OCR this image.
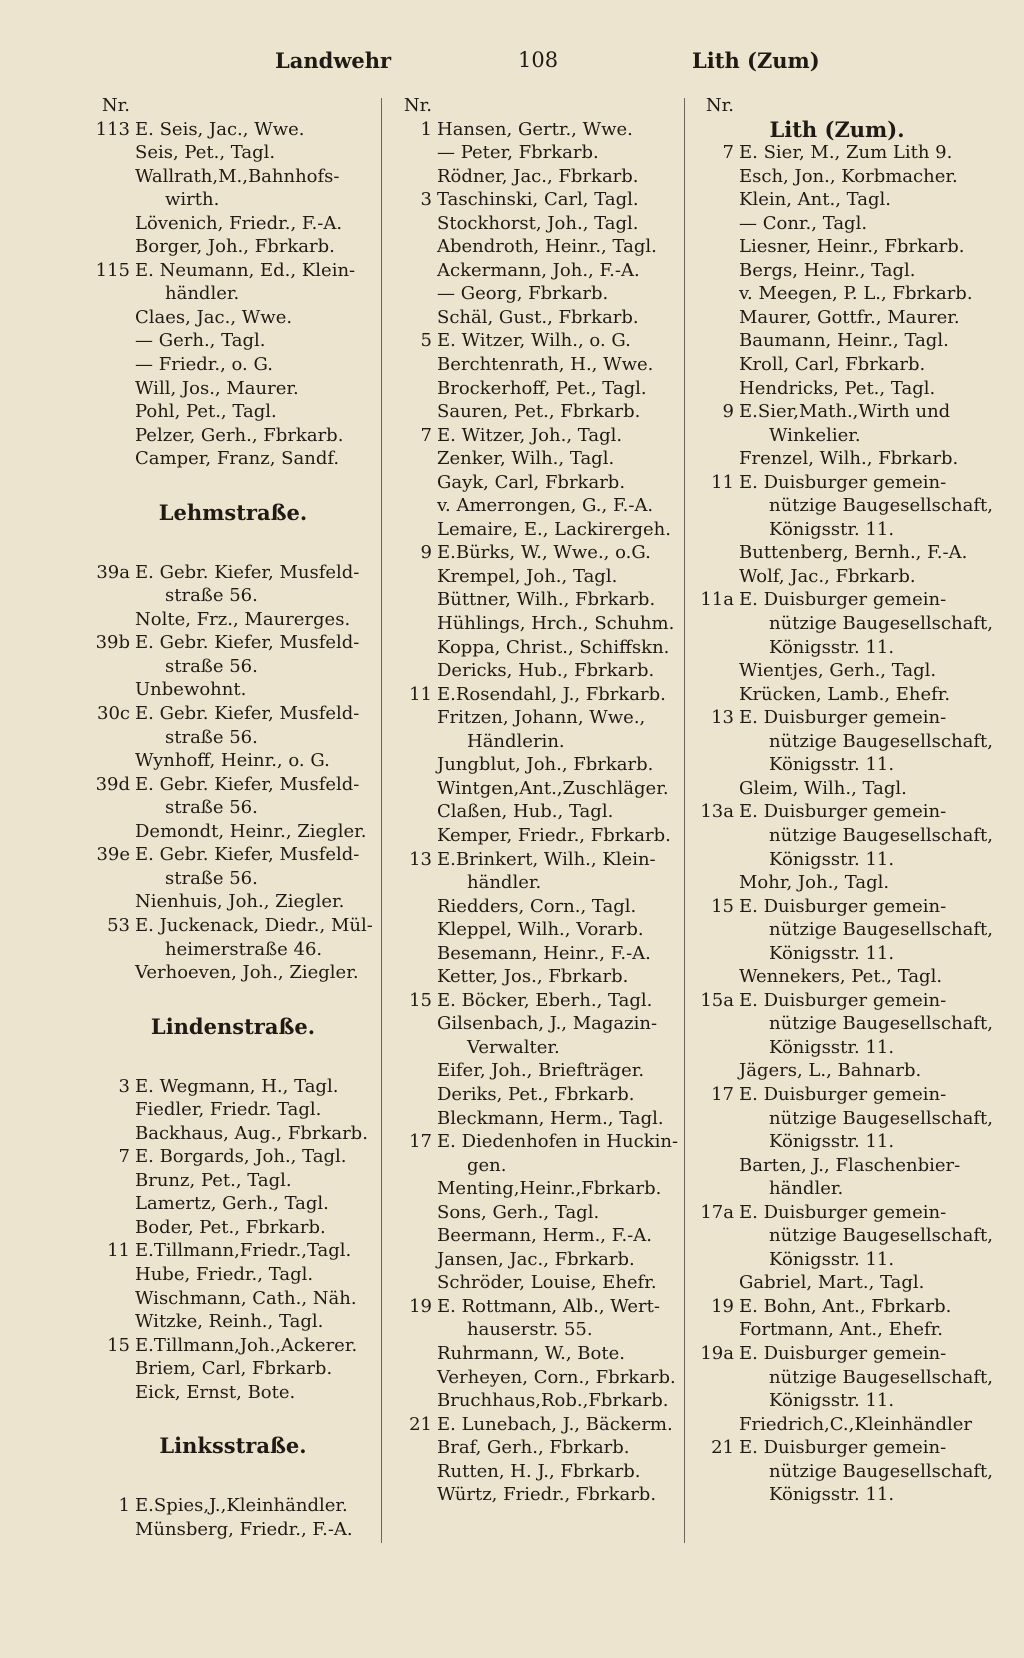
Landwehr	108	Lith (Zum)
Nr.
113 E. Seis, Jac., Wwe.
Seis, Pet., Tagl.
Wallrath,M.,Bahnhofs-
wirth.
Lövenich, Friedr., F.-A.
Borger, Joh., Fbrkarb.
115 E. Neumann, Ed., Klein-
händler.
Claes, Jac., Wwe.
— Gerh., Tagl.
— Friedr., o. G.
Will, Jos., Maurer.
Pohl, Pet., Tagl.
Pelzer, Gerh., Fbrkarb.
Camper, Franz, Sandf.
Lehmstraße.
39a E. Gebr. Kiefer, Musfeld-
straße 56.
Nolte, Frz., Maurerges.
39b E. Gebr. Kiefer, Musfeld-
straße 56.
Unbewohnt.
30c E. Gebr. Kiefer, Musfeld-
straße 56.
Wynhoff, Heinr., o. G.
39d E. Gebr. Kiefer, Musfeld-
straße 56.
Demondt, Heinr., Ziegler.
39e E. Gebr. Kiefer, Musfeld-
straße 56.
Nienhuis, Joh., Ziegler.
53 E. Juckenack, Diedr., Mül-
heimerstraße 46.
Verhoeven, Joh., Ziegler.
Lindenstraße.
3 E. Wegmann, H., Tagl.
Fiedler, Friedr. Tagl.
Backhaus, Aug., Fbrkarb.
7 E. Borgards, Joh., Tagl.
Brunz, Pet., Tagl.
Lamertz, Gerh., Tagl.
Boder, Pet., Fbrkarb.
11 E.Tillmann,Friedr.,Tagl.
Hube, Friedr., Tagl.
Wischmann, Cath., Näh.
Witzke, Reinh., Tagl.
15 E.Tillmann,Joh.,Ackerer.
Briem, Carl, Fbrkarb.
Eick, Ernst, Bote.
Linksstraße.
1 E.Spies,J.,Kleinhändler.
Münsberg, Friedr., F.-A.
Nr.
1 Hansen, Gertr., Wwe.
— Peter, Fbrkarb.
Rödner, Jac., Fbrkarb.
3 Taschinski, Carl, Tagl.
Stockhorst, Joh., Tagl.
Abendroth, Heinr., Tagl.
Ackermann, Joh., F.-A.
— Georg, Fbrkarb.
Schäl, Gust., Fbrkarb.
5 E. Witzer, Wilh., o. G.
Berchtenrath, H., Wwe.
Brockerhoff, Pet., Tagl.
Sauren, Pet., Fbrkarb.
7 E. Witzer, Joh., Tagl.
Zenker, Wilh., Tagl.
Gayk, Carl, Fbrkarb.
v. Amerrongen, G., F.-A.
Lemaire, E., Lackirergeh.
9 E.Bürks, W., Wwe., o.G.
Krempel, Joh., Tagl.
Büttner, Wilh., Fbrkarb.
Hühlings, Hrch., Schuhm.
Koppa, Christ., Schiffskn.
Dericks, Hub., Fbrkarb.
11 E.Rosendahl, J., Fbrkarb.
Fritzen, Johann, Wwe.,
Händlerin.
Jungblut, Joh., Fbrkarb.
Wintgen,Ant.,Zuschläger.
Claßen, Hub., Tagl.
Kemper, Friedr., Fbrkarb.
13 E.Brinkert, Wilh., Klein-
händler.
Riedders, Corn., Tagl.
Kleppel, Wilh., Vorarb.
Besemann, Heinr., F.-A.
Ketter, Jos., Fbrkarb.
15 E. Böcker, Eberh., Tagl.
Gilsenbach, J., Magazin-
Verwalter.
Eifer, Joh., Briefträger.
Deriks, Pet., Fbrkarb.
Bleckmann, Herm., Tagl.
17 E. Diedenhofen in Huckin-
gen.
Menting,Heinr.,Fbrkarb.
Sons, Gerh., Tagl.
Beermann, Herm., F.-A.
Jansen, Jac., Fbrkarb.
Schröder, Louise, Ehefr.
19 E. Rottmann, Alb., Wert-
hauserstr. 55.
Ruhrmann, W., Bote.
Verheyen, Corn., Fbrkarb.
Bruchhaus,Rob.,Fbrkarb.
21 E. Lunebach, J., Bäckerm.
Braf, Gerh., Fbrkarb.
Rutten, H. J., Fbrkarb.
Würtz, Friedr., Fbrkarb.
Nr.
Lith (Zum).
7 E. Sier, M., Zum Lith 9.
Esch, Jon., Korbmacher.
Klein, Ant., Tagl.
— Conr., Tagl.
Liesner, Heinr., Fbrkarb.
Bergs, Heinr., Tagl.
v. Meegen, P. L., Fbrkarb.
Maurer, Gottfr., Maurer.
Baumann, Heinr., Tagl.
Kroll, Carl, Fbrkarb.
Hendricks, Pet., Tagl.
9 E.Sier,Math.,Wirth und
Winkelier.
Frenzel, Wilh., Fbrkarb.
11 E. Duisburger gemein-
nützige Baugesellschaft,
Königsstr. 11.
Buttenberg, Bernh., F.-A.
Wolf, Jac., Fbrkarb.
11a E. Duisburger gemein-
nützige Baugesellschaft,
Königsstr. 11.
Wientjes, Gerh., Tagl.
Krücken, Lamb., Ehefr.
13 E. Duisburger gemein-
nützige Baugesellschaft,
Königsstr. 11.
Gleim, Wilh., Tagl.
13a E. Duisburger gemein-
nützige Baugesellschaft,
Königsstr. 11.
Mohr, Joh., Tagl.
15 E. Duisburger gemein-
nützige Baugesellschaft,
Königsstr. 11.
Wennekers, Pet., Tagl.
15a E. Duisburger gemein-
nützige Baugesellschaft,
Königsstr. 11.
Jägers, L., Bahnarb.
17 E. Duisburger gemein-
nützige Baugesellschaft,
Königsstr. 11.
Barten, J., Flaschenbier-
händler.
17a E. Duisburger gemein-
nützige Baugesellschaft,
Königsstr. 11.
Gabriel, Mart., Tagl.
19 E. Bohn, Ant., Fbrkarb.
Fortmann, Ant., Ehefr.
19a E. Duisburger gemein-
nützige Baugesellschaft,
Königsstr. 11.
Friedrich,C.,Kleinhändler
21 E. Duisburger gemein-
nützige Baugesellschaft,
Königsstr. 11.
